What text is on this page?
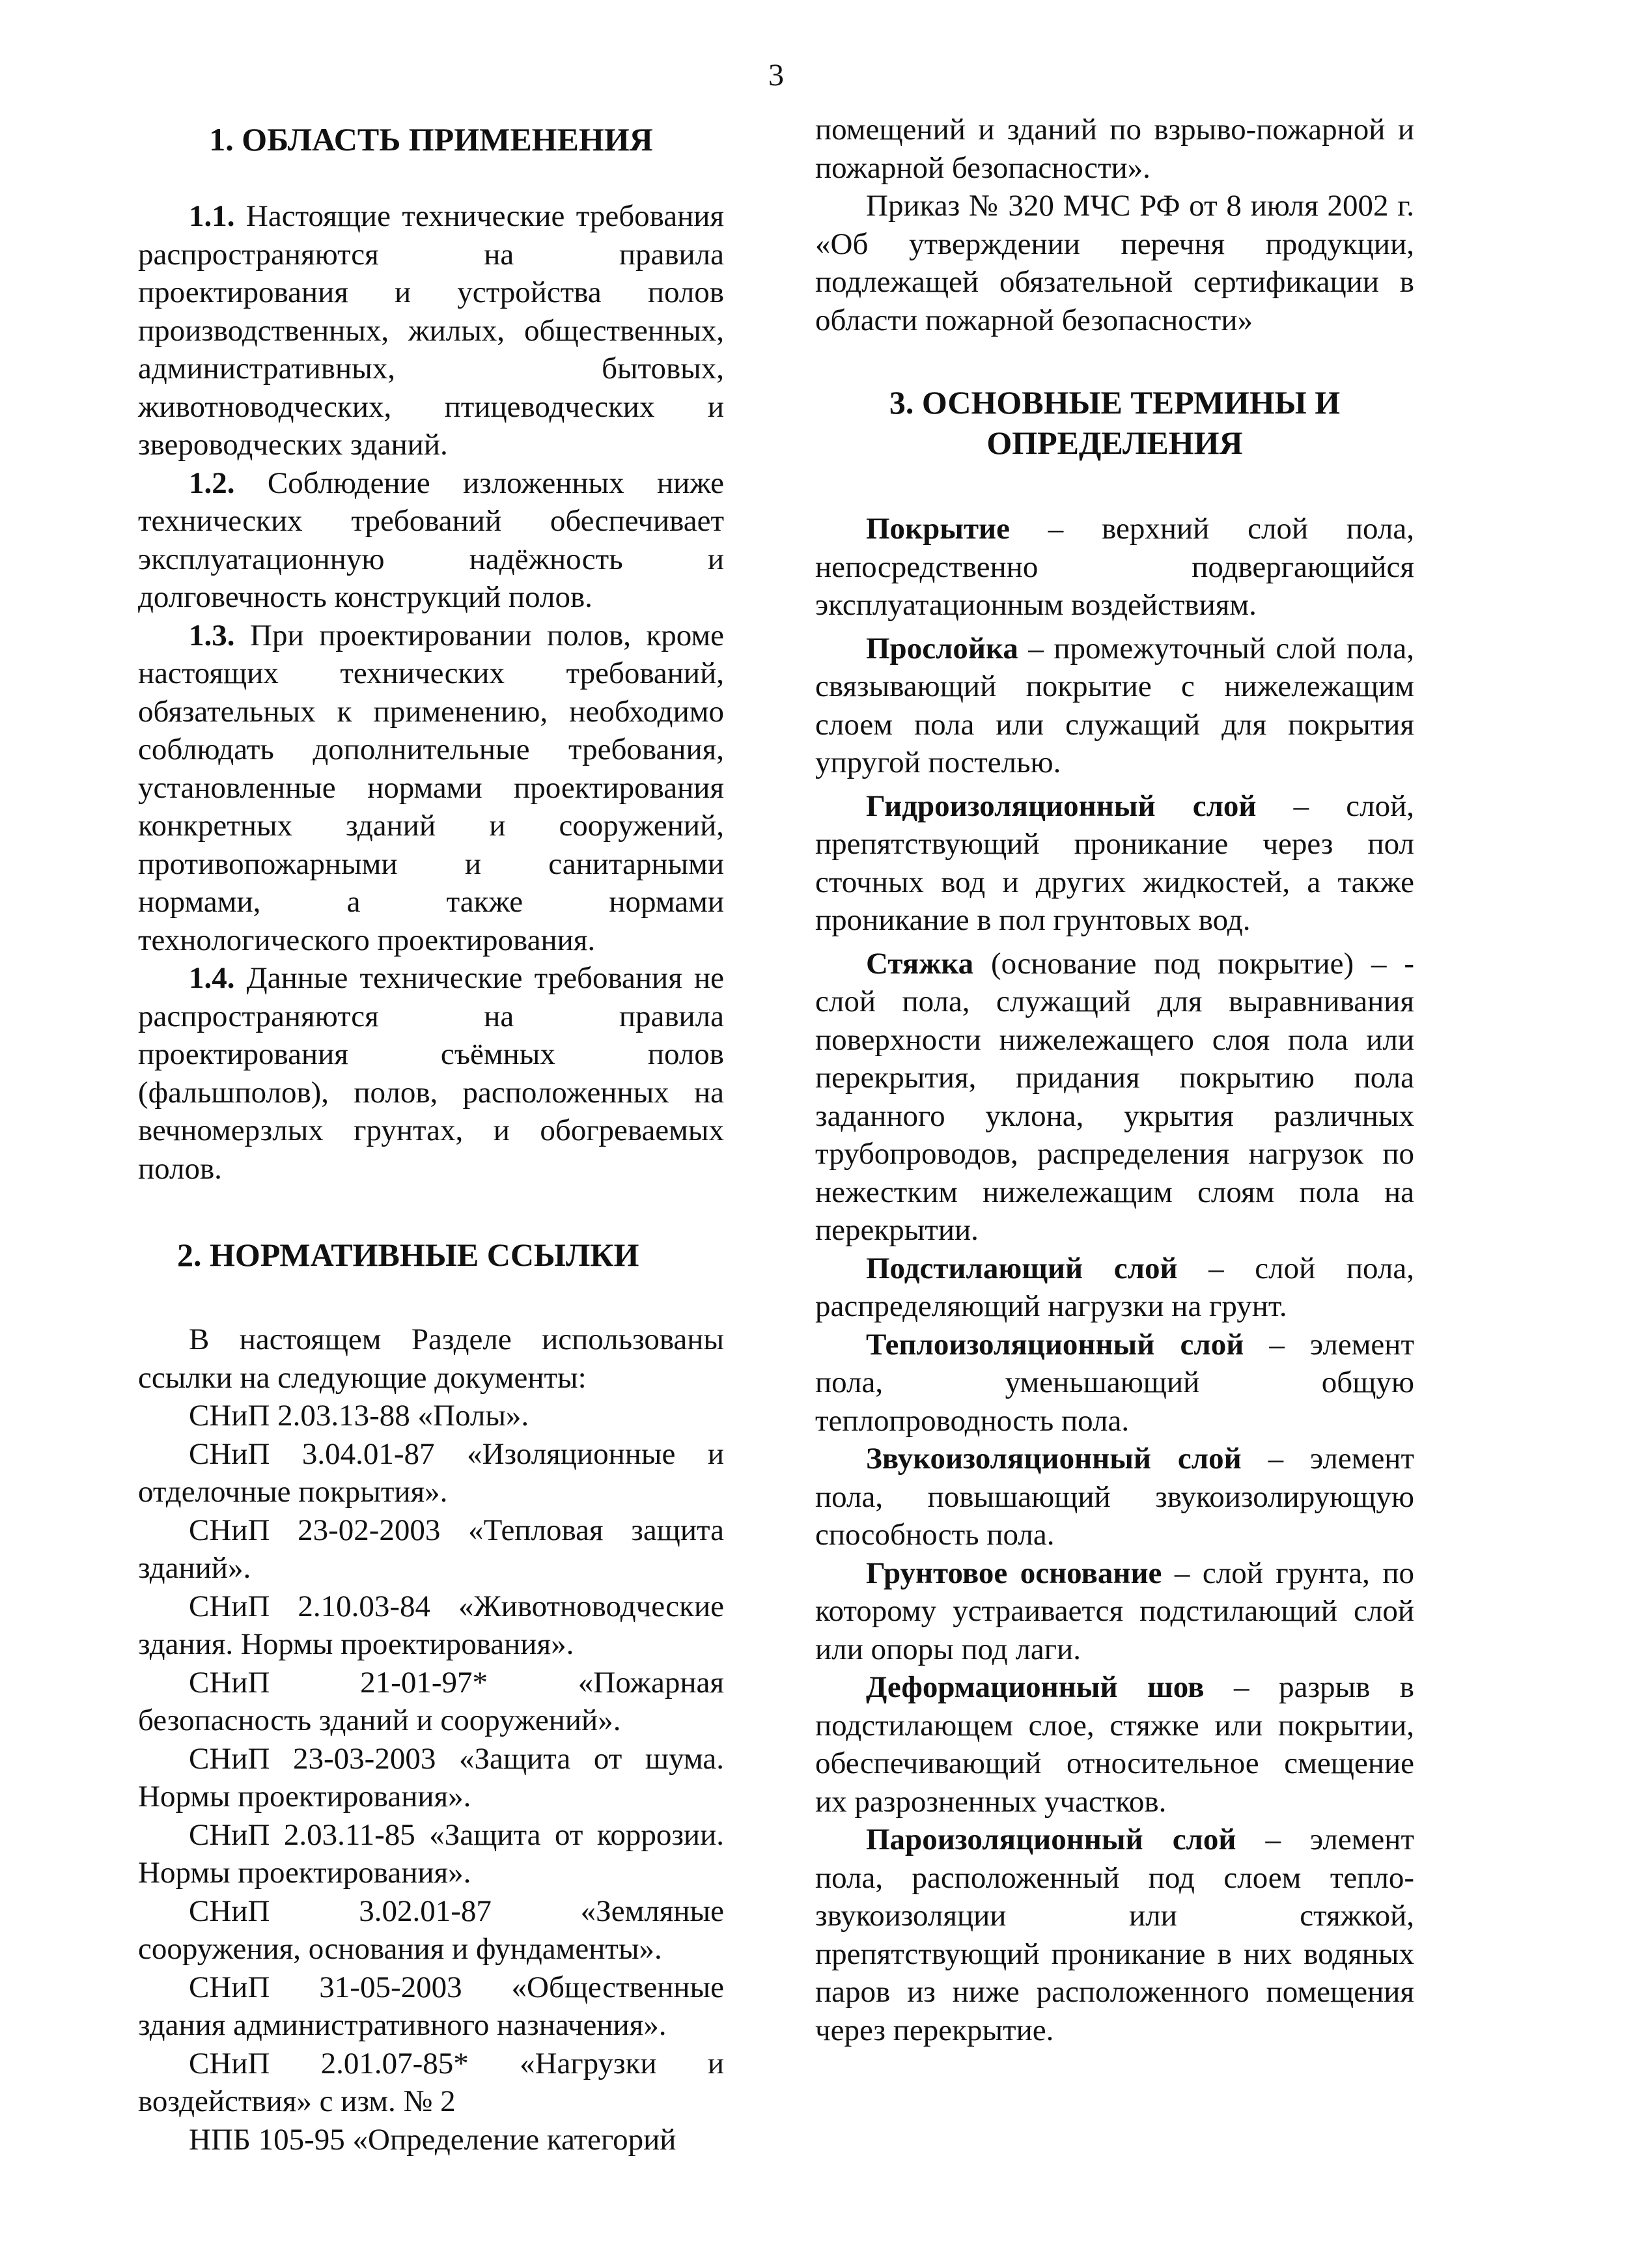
3

1. ОБЛАСТЬ ПРИМЕНЕНИЯ

1.1. Настоящие технические требования распространяются на правила проектирования и устройства полов производственных, жилых, общественных, административных, бытовых, животноводческих, птицеводческих и звероводческих зданий.

1.2. Соблюдение изложенных ниже технических требований обеспечивает эксплуатационную надёжность и долговечность конструкций полов.

1.3. При проектировании полов, кроме настоящих технических требований, обязательных к применению, необходимо соблюдать дополнительные требования, установленные нормами проектирования конкретных зданий и сооружений, противопожарными и санитарными нормами, а также нормами технологического проектирования.

1.4. Данные технические требования не распространяются на правила проектирования съёмных полов (фальшполов), полов, расположенных на вечномерзлых грунтах, и обогреваемых полов.

2. НОРМАТИВНЫЕ ССЫЛКИ

В настоящем Разделе использованы ссылки на следующие документы:

СНиП 2.03.13-88 «Полы».

СНиП 3.04.01-87 «Изоляционные и отделочные покрытия».

СНиП 23-02-2003 «Тепловая защита зданий».

СНиП 2.10.03-84 «Животноводческие здания. Нормы проектирования».

СНиП 21-01-97* «Пожарная безопасность зданий и сооружений».

СНиП 23-03-2003 «Защита от шума. Нормы проектирования».

СНиП 2.03.11-85 «Защита от коррозии. Нормы проектирования».

СНиП 3.02.01-87 «Земляные сооружения, основания и фундаменты».

СНиП 31-05-2003 «Общественные здания административного назначения».

СНиП 2.01.07-85* «Нагрузки и воздействия» с изм. № 2

НПБ 105-95 «Определение категорий

помещений и зданий по взрыво-пожарной и пожарной безопасности».

Приказ № 320 МЧС РФ от 8 июля 2002 г. «Об утверждении перечня продукции, подлежащей обязательной сертификации в области пожарной безопасности»

3. ОСНОВНЫЕ ТЕРМИНЫ И
ОПРЕДЕЛЕНИЯ

Покрытие – верхний слой пола, непосредственно подвергающийся эксплуатационным воздействиям.

Прослойка – промежуточный слой пола, связывающий покрытие с нижележащим слоем пола или служащий для покрытия упругой постелью.

Гидроизоляционный слой – слой, препятствующий проникание через пол сточных вод и других жидкостей, а также проникание в пол грунтовых вод.

Стяжка (основание под покрытие) – - слой пола, служащий для выравнивания поверхности нижележащего слоя пола или перекрытия, придания покрытию пола заданного уклона, укрытия различных трубопроводов, распределения нагрузок по нежестким нижележащим слоям пола на перекрытии.

Подстилающий слой – слой пола, распределяющий нагрузки на грунт.

Теплоизоляционный слой – элемент пола, уменьшающий общую теплопроводность пола.

Звукоизоляционный слой – элемент пола, повышающий звукоизолирующую способность пола.

Грунтовое основание – слой грунта, по которому устраивается подстилающий слой или опоры под лаги.

Деформационный шов – разрыв в подстилающем слое, стяжке или покрытии, обеспечивающий относительное смещение их разрозненных участков.

Пароизоляционный слой – элемент пола, расположенный под слоем тепло-звукоизоляции или стяжкой, препятствующий проникание в них водяных паров из ниже расположенного помещения через перекрытие.
